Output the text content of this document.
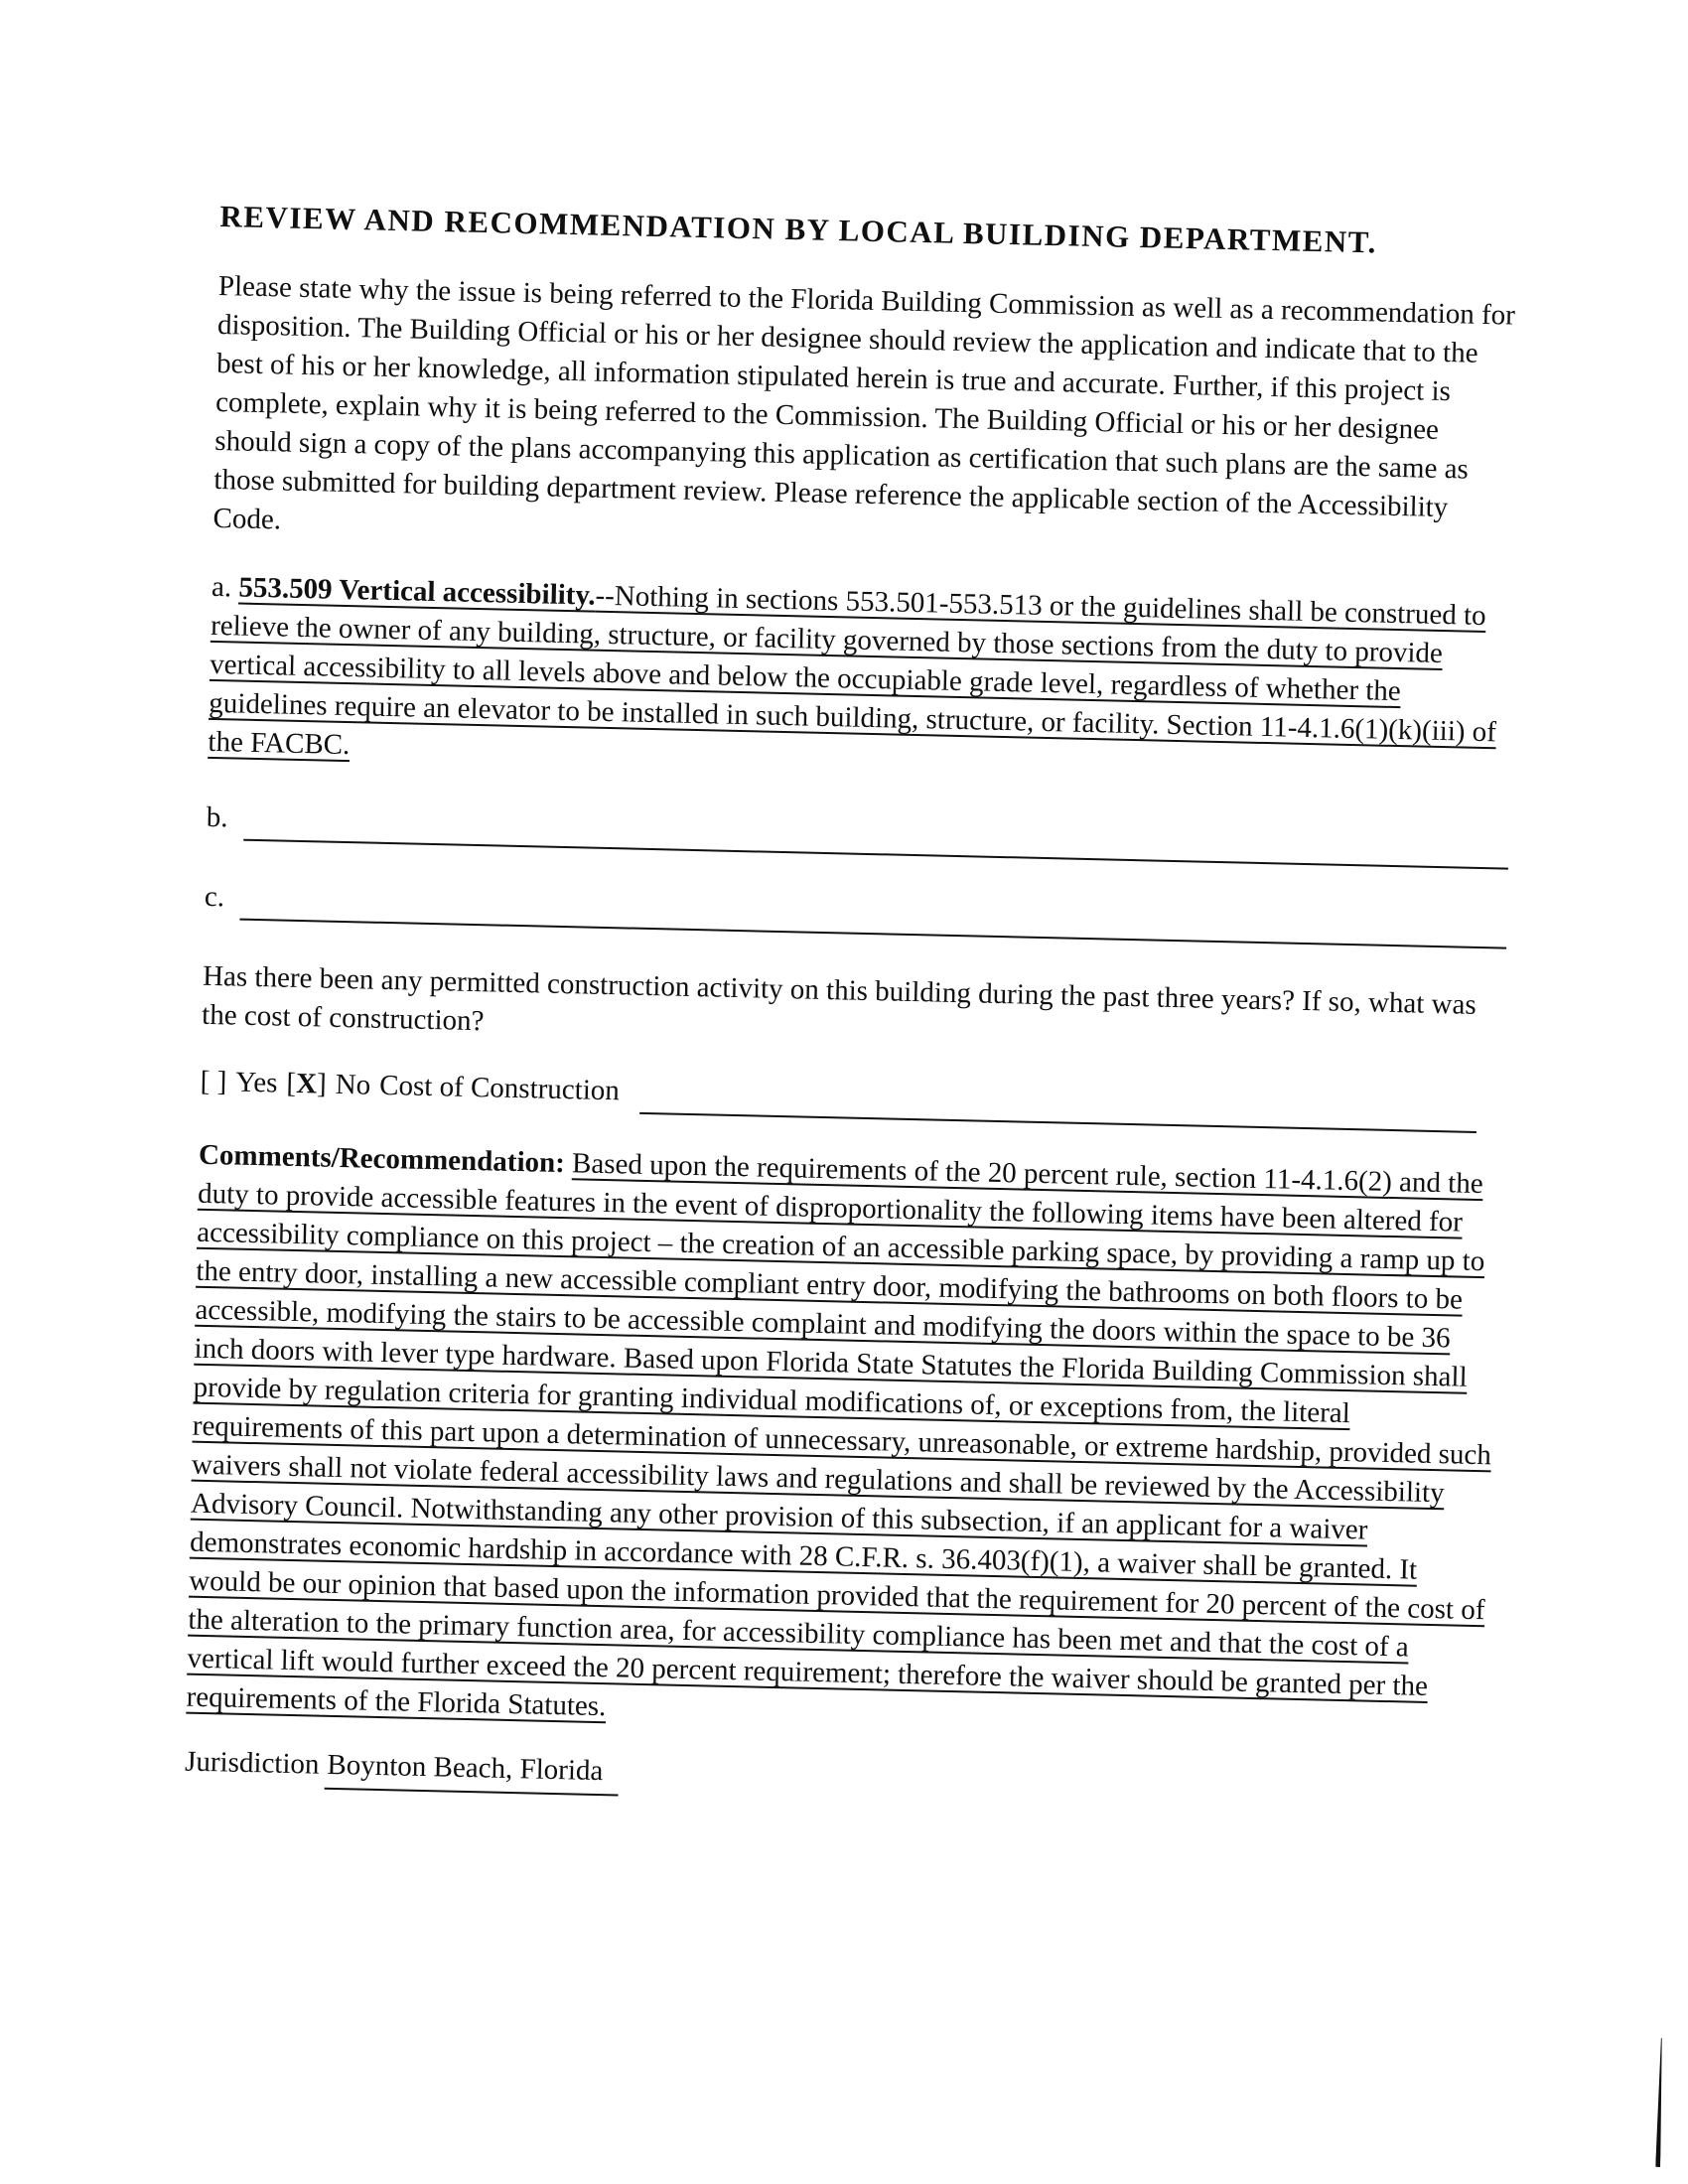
REVIEW AND RECOMMENDATION BY LOCAL BUILDING DEPARTMENT.

Please state why the issue is being referred to the Florida Building Commission as well as a recommendation for disposition. The Building Official or his or her designee should review the application and indicate that to the best of his or her knowledge, all information stipulated herein is true and accurate. Further, if this project is complete, explain why it is being referred to the Commission. The Building Official or his or her designee should sign a copy of the plans accompanying this application as certification that such plans are the same as those submitted for building department review. Please reference the applicable section of the Accessibility Code.

a. 553.509 Vertical accessibility.--Nothing in sections 553.501-553.513 or the guidelines shall be construed to relieve the owner of any building, structure, or facility governed by those sections from the duty to provide vertical accessibility to all levels above and below the occupiable grade level, regardless of whether the guidelines require an elevator to be installed in such building, structure, or facility. Section 11-4.1.6(1)(k)(iii) of the FACBC.

b.
c.

Has there been any permitted construction activity on this building during the past three years? If so, what was the cost of construction?

[ ] Yes [X] No Cost of Construction

Comments/Recommendation: Based upon the requirements of the 20 percent rule, section 11-4.1.6(2) and the duty to provide accessible features in the event of disproportionality the following items have been altered for accessibility compliance on this project – the creation of an accessible parking space, by providing a ramp up to the entry door, installing a new accessible compliant entry door, modifying the bathrooms on both floors to be accessible, modifying the stairs to be accessible complaint and modifying the doors within the space to be 36 inch doors with lever type hardware. Based upon Florida State Statutes the Florida Building Commission shall provide by regulation criteria for granting individual modifications of, or exceptions from, the literal requirements of this part upon a determination of unnecessary, unreasonable, or extreme hardship, provided such waivers shall not violate federal accessibility laws and regulations and shall be reviewed by the Accessibility Advisory Council. Notwithstanding any other provision of this subsection, if an applicant for a waiver demonstrates economic hardship in accordance with 28 C.F.R. s. 36.403(f)(1), a waiver shall be granted. It would be our opinion that based upon the information provided that the requirement for 20 percent of the cost of the alteration to the primary function area, for accessibility compliance has been met and that the cost of a vertical lift would further exceed the 20 percent requirement; therefore the waiver should be granted per the requirements of the Florida Statutes.

Jurisdiction Boynton Beach, Florida
